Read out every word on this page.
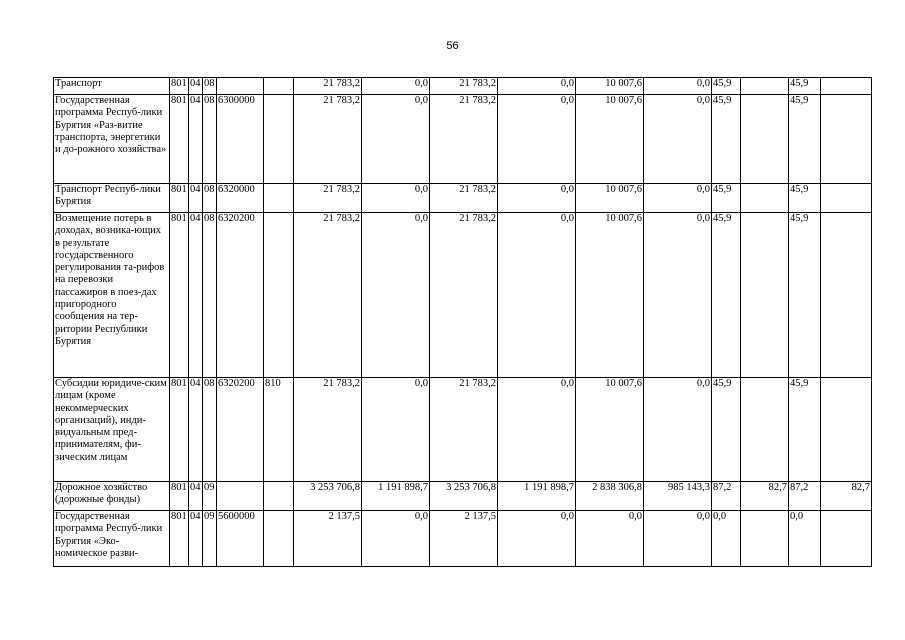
56
Транспорт	801	04	08			21 783,2	0,0	21 783,2	0,0	10 007,6	0,0	45,9		45,9	
Государственная программа Респуб-лики Бурятия «Раз-витие транспорта, энергетики и до-рожного хозяйства»	801	04	08	6300000		21 783,2	0,0	21 783,2	0,0	10 007,6	0,0	45,9		45,9	
Транспорт Респуб-лики Бурятия	801	04	08	6320000		21 783,2	0,0	21 783,2	0,0	10 007,6	0,0	45,9		45,9	
Возмещение потерь в доходах, возника-ющих в результате государственного регулирования та-рифов на перевозки пассажиров в поез-дах пригородного сообщения на тер-ритории Республики Бурятия	801	04	08	6320200		21 783,2	0,0	21 783,2	0,0	10 007,6	0,0	45,9		45,9	
Субсидии юридиче-ским лицам (кроме некоммерческих организаций), инди-видуальным пред-принимателям, фи-зическим лицам	801	04	08	6320200	810	21 783,2	0,0	21 783,2	0,0	10 007,6	0,0	45,9		45,9	
Дорожное хозяйство (дорожные фонды)	801	04	09			3 253 706,8	1 191 898,7	3 253 706,8	1 191 898,7	2 838 306,8	985 143,3	87,2	82,7	87,2	82,7
Государственная программа Респуб-лики Бурятия «Эко-номическое разви-	801	04	09	5600000		2 137,5	0,0	2 137,5	0,0	0,0	0,0	0,0		0,0	
